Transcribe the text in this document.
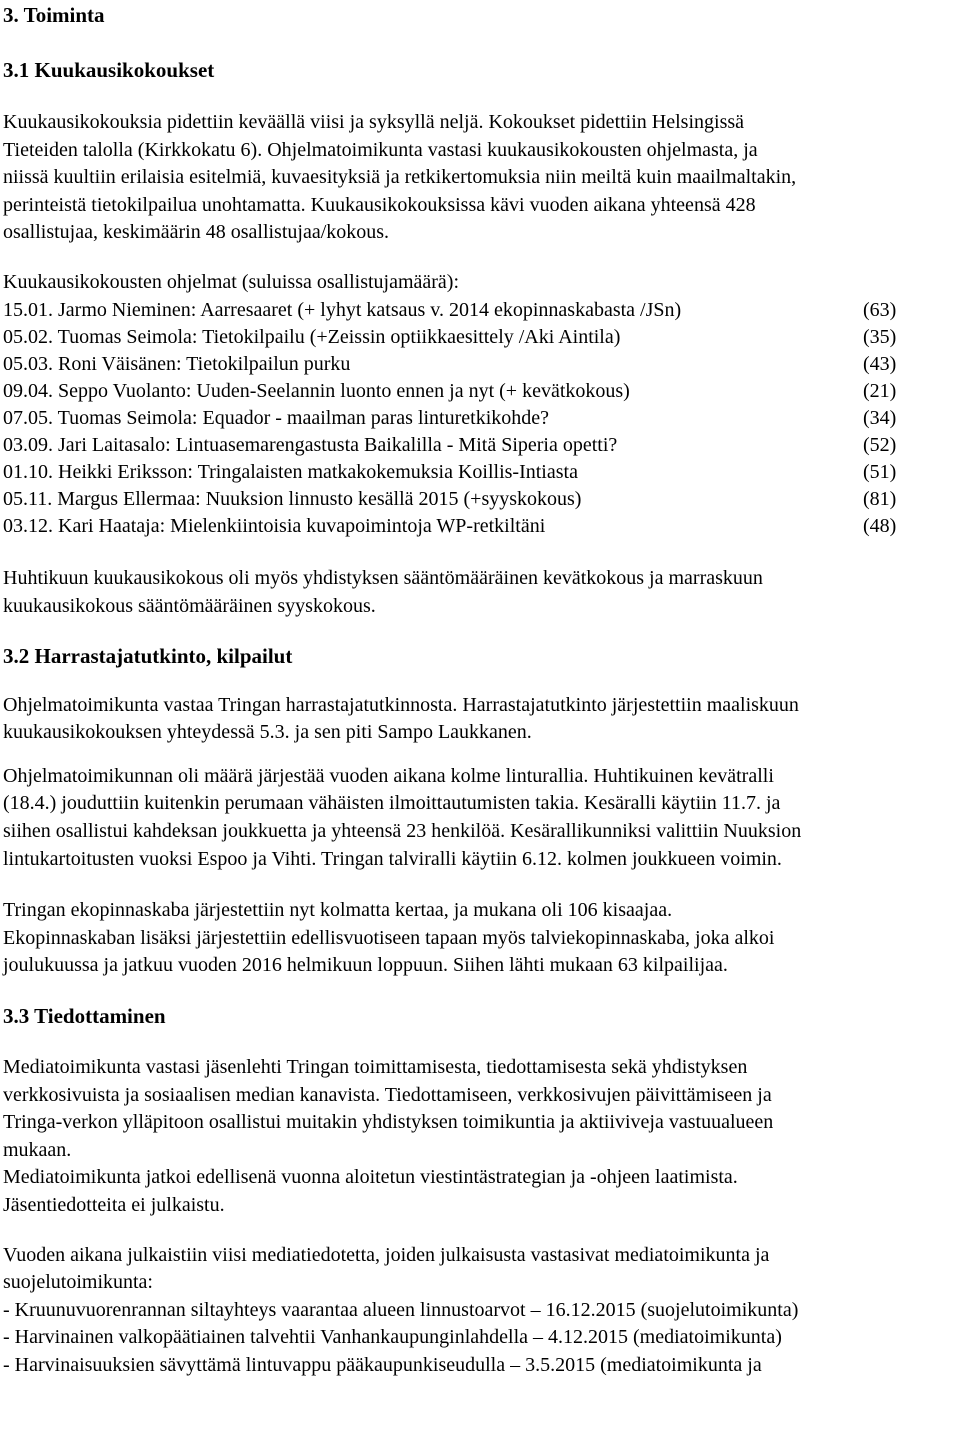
3. Toiminta
3.1 Kuukausikokoukset
Kuukausikokouksia pidettiin keväällä viisi ja syksyllä neljä. Kokoukset pidettiin Helsingissä
Tieteiden talolla (Kirkkokatu 6). Ohjelmatoimikunta vastasi kuukausikokousten ohjelmasta, ja
niissä kuultiin erilaisia esitelmiä, kuvaesityksiä ja retkikertomuksia niin meiltä kuin maailmaltakin,
perinteistä tietokilpailua unohtamatta. Kuukausikokouksissa kävi vuoden aikana yhteensä 428
osallistujaa, keskimäärin 48 osallistujaa/kokous.
Kuukausikokousten ohjelmat (suluissa osallistujamäärä):
15.01. Jarmo Nieminen: Aarresaaret (+ lyhyt katsaus v. 2014 ekopinnaskabasta /JSn)	(63)
05.02. Tuomas Seimola: Tietokilpailu (+Zeissin optiikkaesittely /Aki Aintila)	(35)
05.03. Roni Väisänen: Tietokilpailun purku	(43)
09.04. Seppo Vuolanto: Uuden-Seelannin luonto ennen ja nyt (+ kevätkokous)	(21)
07.05. Tuomas Seimola: Equador - maailman paras linturetkikohde?	(34)
03.09. Jari Laitasalo: Lintuasemarengastusta Baikalilla - Mitä Siperia opetti?	(52)
01.10. Heikki Eriksson: Tringalaisten matkakokemuksia Koillis-Intiasta	(51)
05.11. Margus Ellermaa: Nuuksion linnusto kesällä 2015 (+syyskokous)	(81)
03.12. Kari Haataja: Mielenkiintoisia kuvapoimintoja WP-retkiltäni	(48)
Huhtikuun kuukausikokous oli myös yhdistyksen sääntömääräinen kevätkokous ja marraskuun
kuukausikokous sääntömääräinen syyskokous.
3.2 Harrastajatutkinto, kilpailut
Ohjelmatoimikunta vastaa Tringan harrastajatutkinnosta. Harrastajatutkinto järjestettiin maaliskuun
kuukausikokouksen yhteydessä 5.3. ja sen piti Sampo Laukkanen.
Ohjelmatoimikunnan oli määrä järjestää vuoden aikana kolme linturallia. Huhtikuinen kevätralli
(18.4.) jouduttiin kuitenkin perumaan vähäisten ilmoittautumisten takia. Kesäralli käytiin 11.7. ja
siihen osallistui kahdeksan joukkuetta ja yhteensä 23 henkilöä. Kesärallikunniksi valittiin Nuuksion
lintukartoitusten vuoksi Espoo ja Vihti. Tringan talviralli käytiin 6.12. kolmen joukkueen voimin.
Tringan ekopinnaskaba järjestettiin nyt kolmatta kertaa, ja mukana oli 106 kisaajaa.
Ekopinnaskaban lisäksi järjestettiin edellisvuotiseen tapaan myös talviekopinnaskaba, joka alkoi
joulukuussa ja jatkuu vuoden 2016 helmikuun loppuun. Siihen lähti mukaan 63 kilpailijaa.
3.3 Tiedottaminen
Mediatoimikunta vastasi jäsenlehti Tringan toimittamisesta, tiedottamisesta sekä yhdistyksen
verkkosivuista ja sosiaalisen median kanavista. Tiedottamiseen, verkkosivujen päivittämiseen ja
Tringa-verkon ylläpitoon osallistui muitakin yhdistyksen toimikuntia ja aktiiviveja vastuualueen
mukaan.
Mediatoimikunta jatkoi edellisenä vuonna aloitetun viestintästrategian ja -ohjeen laatimista.
Jäsentiedotteita ei julkaistu.
Vuoden aikana julkaistiin viisi mediatiedotetta, joiden julkaisusta vastasivat mediatoimikunta ja
suojelutoimikunta:
- Kruunuvuorenrannan siltayhteys vaarantaa alueen linnustoarvot – 16.12.2015 (suojelutoimikunta)
- Harvinainen valkopäätiainen talvehtii Vanhankaupunginlahdella – 4.12.2015 (mediatoimikunta)
- Harvinaisuuksien sävyttämä lintuvappu pääkaupunkiseudulla – 3.5.2015 (mediatoimikunta ja
